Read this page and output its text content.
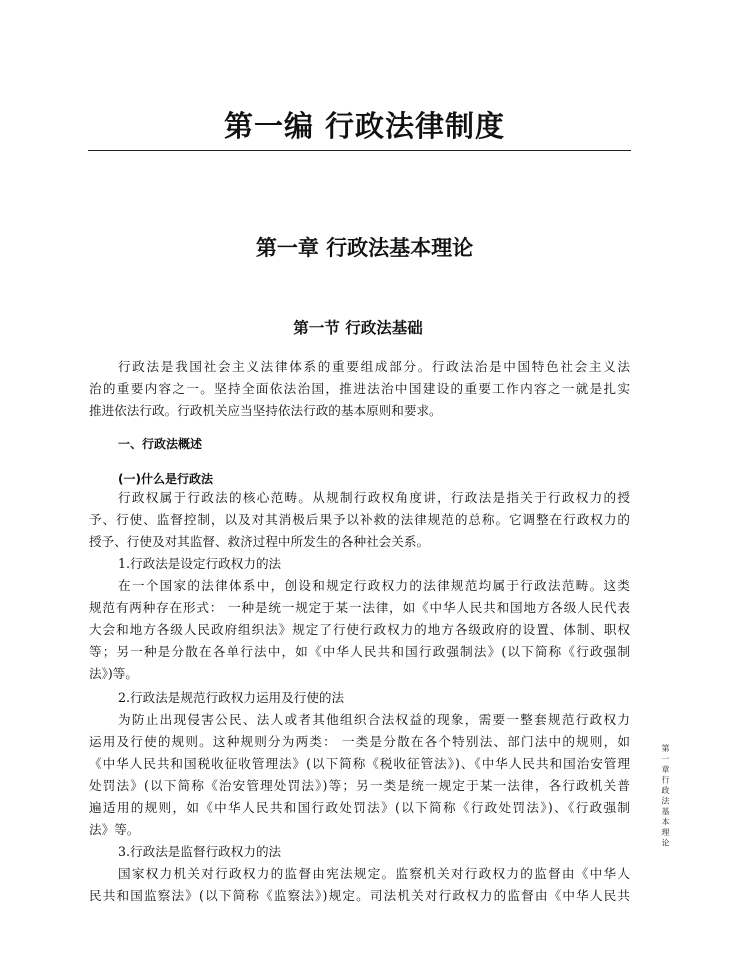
第一编 行政法律制度
第一章 行政法基本理论
第一节 行政法基础
行政法是我国社会主义法律体系的重要组成部分。行政法治是中国特色社会主义法
治的重要内容之一。坚持全面依法治国，推进法治中国建设的重要工作内容之一就是扎实
推进依法行政。行政机关应当坚持依法行政的基本原则和要求。
一、行政法概述
(一)什么是行政法
行政权属于行政法的核心范畴。从规制行政权角度讲，行政法是指关于行政权力的授
予、行使、监督控制，以及对其消极后果予以补救的法律规范的总称。它调整在行政权力的
授予、行使及对其监督、救济过程中所发生的各种社会关系。
1.行政法是设定行政权力的法
在一个国家的法律体系中，创设和规定行政权力的法律规范均属于行政法范畴。这类
规范有两种存在形式： 一种是统一规定于某一法律，如《中华人民共和国地方各级人民代表
大会和地方各级人民政府组织法》规定了行使行政权力的地方各级政府的设置、体制、职权
等；另一种是分散在各单行法中，如《中华人民共和国行政强制法》(以下简称《行政强制
法》)等。
2.行政法是规范行政权力运用及行使的法
为防止出现侵害公民、法人或者其他组织合法权益的现象，需要一整套规范行政权力
运用及行使的规则。这种规则分为两类： 一类是分散在各个特别法、部门法中的规则，如
《中华人民共和国税收征收管理法》(以下简称《税收征管法》)、《中华人民共和国治安管理
处罚法》(以下简称《治安管理处罚法》)等；另一类是统一规定于某一法律，各行政机关普
遍适用的规则，如《中华人民共和国行政处罚法》(以下简称《行政处罚法》)、《行政强制
法》等。
3.行政法是监督行政权力的法
国家权力机关对行政权力的监督由宪法规定。监察机关对行政权力的监督由《中华人
民共和国监察法》(以下简称《监察法》)规定。司法机关对行政权力的监督由《中华人民共
第一章行政法基本理论
